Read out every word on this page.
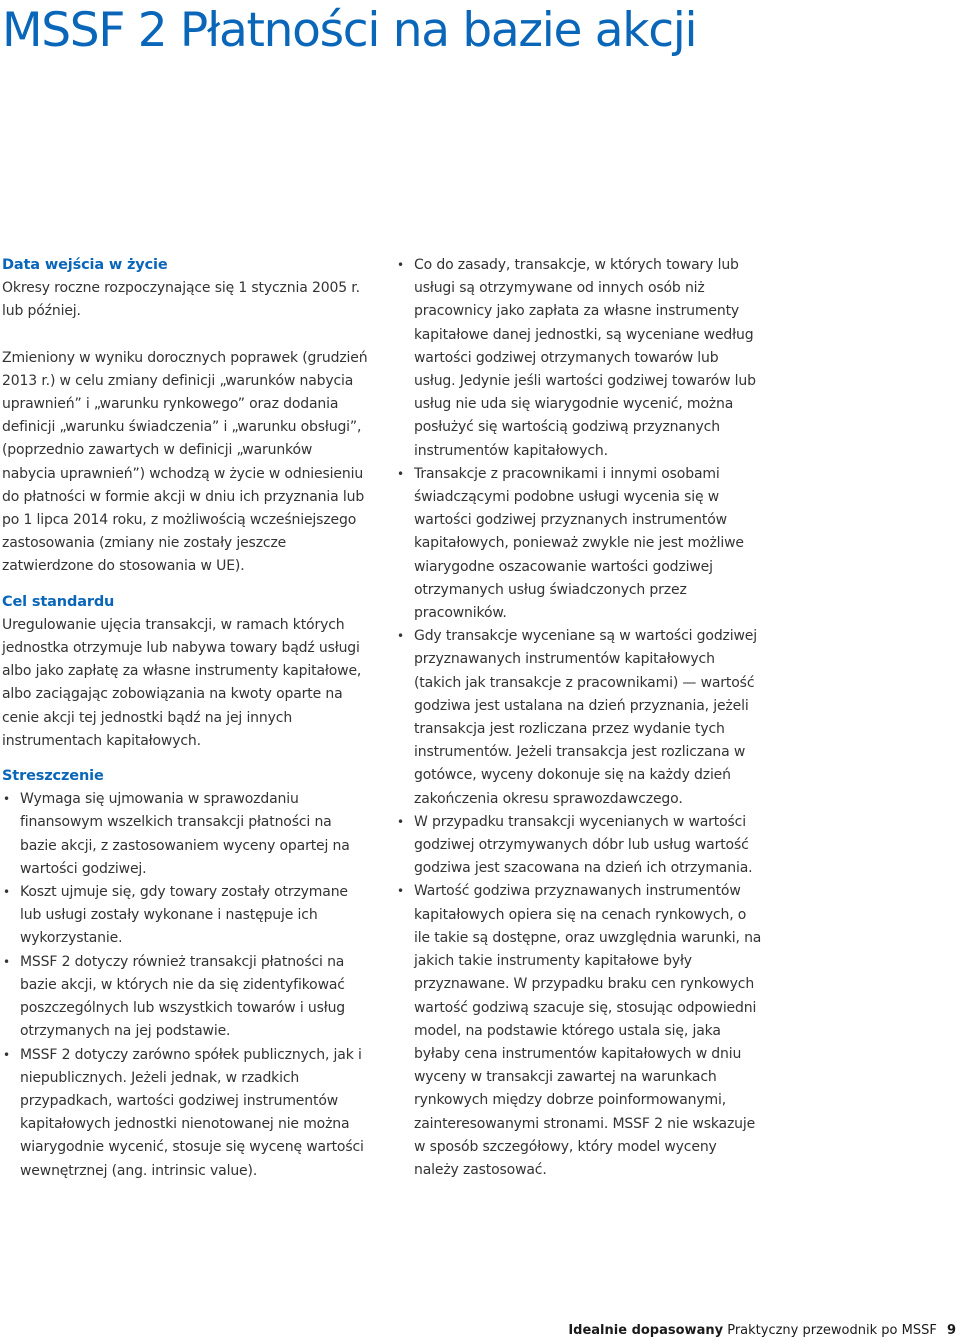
MSSF 2 Płatności na bazie akcji

Data wejścia w życie

Okresy roczne rozpoczynające się 1 stycznia 2005 r. lub później.

Zmieniony w wyniku dorocznych poprawek (grudzień 2013 r.) w celu zmiany definicji „warunków nabycia uprawnień” i „warunku rynkowego” oraz dodania definicji „warunku świadczenia” i „warunku obsługi”, (poprzednio zawartych w definicji „warunków nabycia uprawnień”) wchodzą w życie w odniesieniu do płatności w formie akcji w dniu ich przyznania lub po 1 lipca 2014 roku, z możliwością wcześniejszego zastosowania (zmiany nie zostały jeszcze zatwierdzone do stosowania w UE).

Cel standardu

Uregulowanie ujęcia transakcji, w ramach których jednostka otrzymuje lub nabywa towary bądź usługi albo jako zapłatę za własne instrumenty kapitałowe, albo zaciągając zobowiązania na kwoty oparte na cenie akcji tej jednostki bądź na jej innych instrumentach kapitałowych.

Streszczenie

• Wymaga się ujmowania w sprawozdaniu finansowym wszelkich transakcji płatności na bazie akcji, z zastosowaniem wyceny opartej na wartości godziwej.
• Koszt ujmuje się, gdy towary zostały otrzymane lub usługi zostały wykonane i następuje ich wykorzystanie.
• MSSF 2 dotyczy również transakcji płatności na bazie akcji, w których nie da się zidentyfikować poszczególnych lub wszystkich towarów i usług otrzymanych na jej podstawie.
• MSSF 2 dotyczy zarówno spółek publicznych, jak i niepublicznych. Jeżeli jednak, w rzadkich przypadkach, wartości godziwej instrumentów kapitałowych jednostki nienotowanej nie można wiarygodnie wycenić, stosuje się wycenę wartości wewnętrznej (ang. intrinsic value).
• Co do zasady, transakcje, w których towary lub usługi są otrzymywane od innych osób niż pracownicy jako zapłata za własne instrumenty kapitałowe danej jednostki, są wyceniane według wartości godziwej otrzymanych towarów lub usług. Jedynie jeśli wartości godziwej towarów lub usług nie uda się wiarygodnie wycenić, można posłużyć się wartością godziwą przyznanych instrumentów kapitałowych.
• Transakcje z pracownikami i innymi osobami świadczącymi podobne usługi wycenia się w wartości godziwej przyznanych instrumentów kapitałowych, ponieważ zwykle nie jest możliwe wiarygodne oszacowanie wartości godziwej otrzymanych usług świadczonych przez pracowników.
• Gdy transakcje wyceniane są w wartości godziwej przyznawanych instrumentów kapitałowych (takich jak transakcje z pracownikami) — wartość godziwa jest ustalana na dzień przyznania, jeżeli transakcja jest rozliczana przez wydanie tych instrumentów. Jeżeli transakcja jest rozliczana w gotówce, wyceny dokonuje się na każdy dzień zakończenia okresu sprawozdawczego.
• W przypadku transakcji wycenianych w wartości godziwej otrzymywanych dóbr lub usług wartość godziwa jest szacowana na dzień ich otrzymania.
• Wartość godziwa przyznawanych instrumentów kapitałowych opiera się na cenach rynkowych, o ile takie są dostępne, oraz uwzględnia warunki, na jakich takie instrumenty kapitałowe były przyznawane. W przypadku braku cen rynkowych wartość godziwą szacuje się, stosując odpowiedni model, na podstawie którego ustala się, jaka byłaby cena instrumentów kapitałowych w dniu wyceny w transakcji zawartej na warunkach rynkowych między dobrze poinformowanymi, zainteresowanymi stronami. MSSF 2 nie wskazuje w sposób szczegółowy, który model wyceny należy zastosować.
Idealnie dopasowany Praktyczny przewodnik po MSSF 9
